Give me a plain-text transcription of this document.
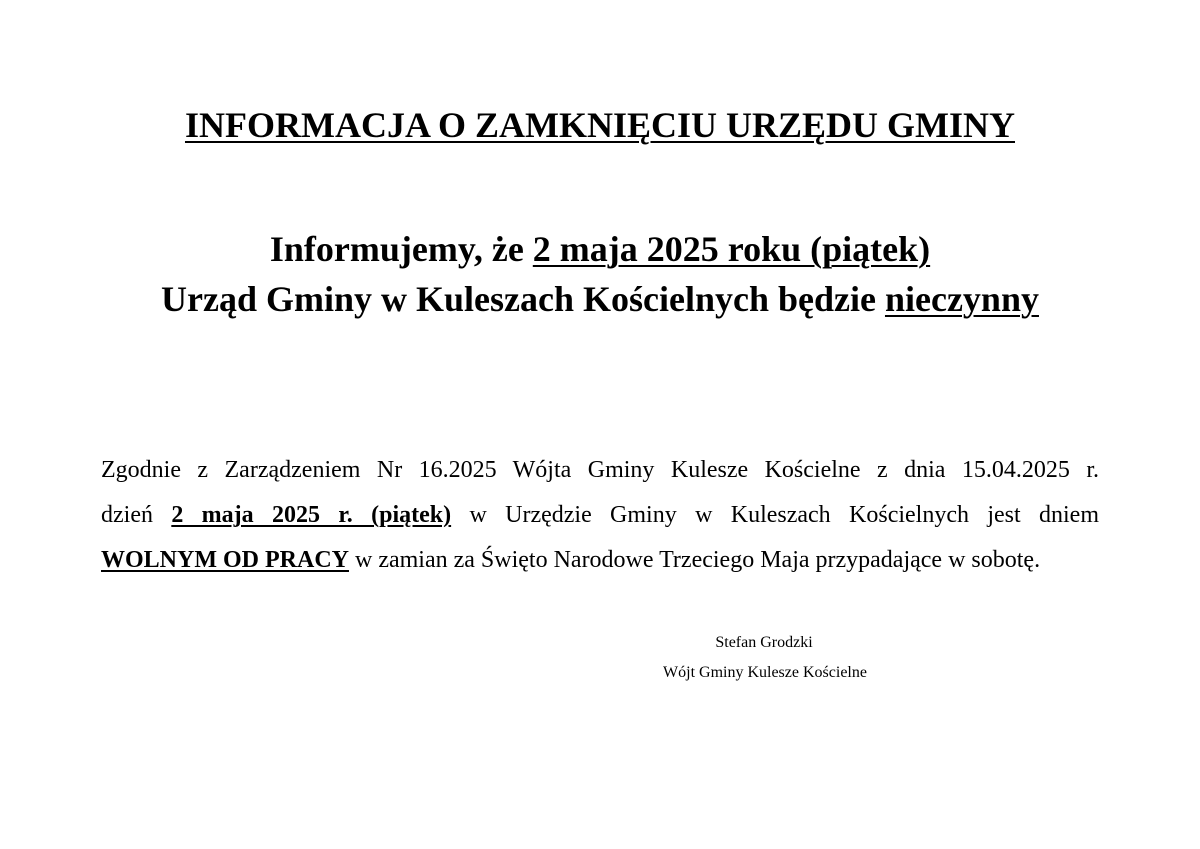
INFORMACJA O ZAMKNIĘCIU URZĘDU GMINY
Informujemy, że 2 maja 2025 roku (piątek)
Urząd Gminy w Kuleszach Kościelnych będzie nieczynny
Zgodnie z Zarządzeniem Nr 16.2025 Wójta Gminy Kulesze Kościelne z dnia 15.04.2025 r.
dzień 2 maja 2025 r. (piątek) w Urzędzie Gminy w Kuleszach Kościelnych jest dniem
WOLNYM OD PRACY w zamian za Święto Narodowe Trzeciego Maja przypadające w sobotę.
Stefan Grodzki
Wójt Gminy Kulesze Kościelne
